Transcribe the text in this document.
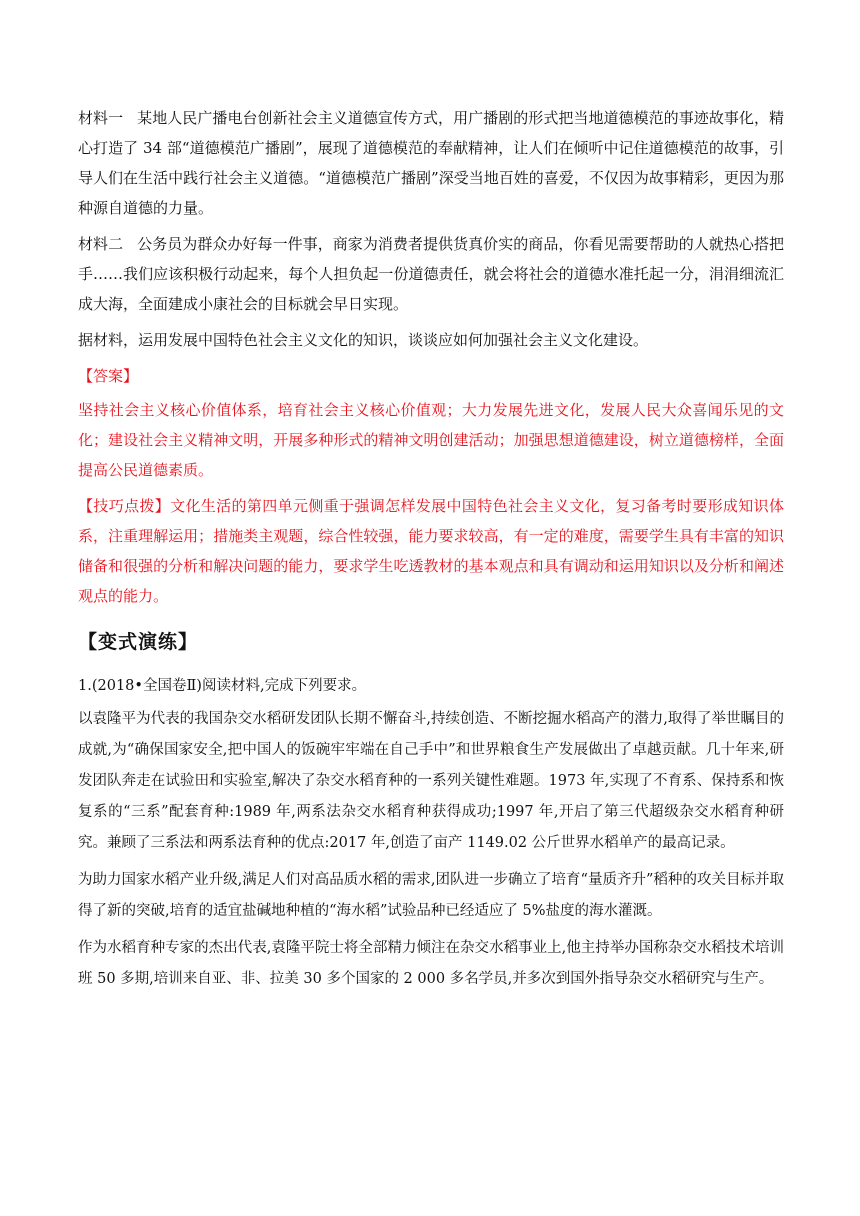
材料一 某地人民广播电台创新社会主义道德宣传方式，用广播剧的形式把当地道德模范的事迹故事化，精心打造了 34 部“道德模范广播剧”，展现了道德模范的奉献精神，让人们在倾听中记住道德模范的故事，引导人们在生活中践行社会主义道德。“道德模范广播剧”深受当地百姓的喜爱，不仅因为故事精彩，更因为那种源自道德的力量。

材料二 公务员为群众办好每一件事，商家为消费者提供货真价实的商品，你看见需要帮助的人就热心搭把手……我们应该积极行动起来，每个人担负起一份道德责任，就会将社会的道德水准托起一分，涓涓细流汇成大海，全面建成小康社会的目标就会早日实现。

据材料，运用发展中国特色社会主义文化的知识，谈谈应如何加强社会主义文化建设。

【答案】

坚持社会主义核心价值体系，培育社会主义核心价值观；大力发展先进文化，发展人民大众喜闻乐见的文化；建设社会主义精神文明，开展多种形式的精神文明创建活动；加强思想道德建设，树立道德榜样，全面提高公民道德素质。

【技巧点拨】文化生活的第四单元侧重于强调怎样发展中国特色社会主义文化，复习备考时要形成知识体系，注重理解运用；措施类主观题，综合性较强，能力要求较高，有一定的难度，需要学生具有丰富的知识储备和很强的分析和解决问题的能力，要求学生吃透教材的基本观点和具有调动和运用知识以及分析和阐述观点的能力。

【变式演练】

1.(2018•全国卷Ⅱ)阅读材料,完成下列要求。

以袁隆平为代表的我国杂交水稻研发团队长期不懈奋斗,持续创造、不断挖掘水稻高产的潜力,取得了举世瞩目的成就,为“确保国家安全,把中国人的饭碗牢牢端在自己手中”和世界粮食生产发展做出了卓越贡献。几十年来,研发团队奔走在试验田和实验室,解决了杂交水稻育种的一系列关键性难题。1973 年,实现了不育系、保持系和恢复系的“三系”配套育种:1989 年,两系法杂交水稻育种获得成功;1997 年,开启了第三代超级杂交水稻育种研究。兼顾了三系法和两系法育种的优点:2017 年,创造了亩产 1149.02 公斤世界水稻单产的最高记录。

为助力国家水稻产业升级,满足人们对高品质水稻的需求,团队进一步确立了培育“量质齐升”稻种的攻关目标并取得了新的突破,培育的适宜盐碱地种植的“海水稻”试验品种已经适应了 5%盐度的海水灌溉。

作为水稻育种专家的杰出代表,袁隆平院士将全部精力倾注在杂交水稻事业上,他主持举办国称杂交水稻技术培训班 50 多期,培训来自亚、非、拉美 30 多个国家的 2 000 多名学员,并多次到国外指导杂交水稻研究与生产。
